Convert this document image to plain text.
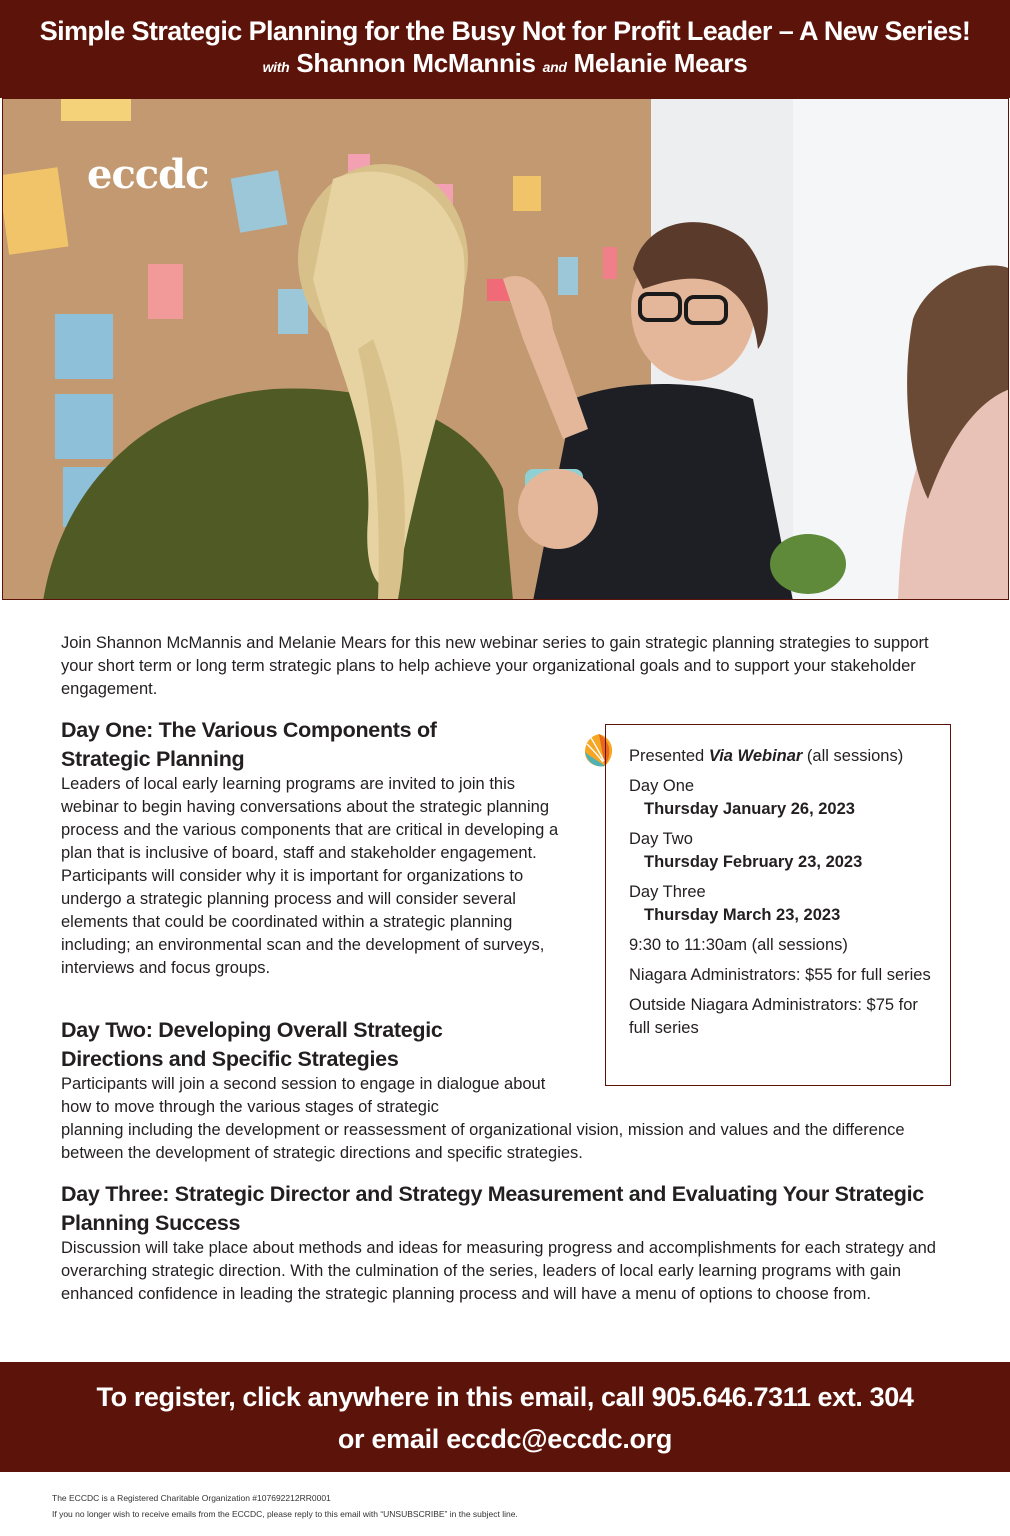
Simple Strategic Planning for the Busy Not for Profit Leader – A New Series!
with Shannon McMannis and Melanie Mears
eccdc
Join Shannon McMannis and Melanie Mears for this new webinar series to gain strategic planning strategies to support your short term or long term strategic plans to help achieve your organizational goals and to support your stakeholder engagement.
Day One: The Various Components of Strategic Planning
Leaders of local early learning programs are invited to join this webinar to begin having conversations about the strategic planning process and the various components that are critical in developing a plan that is inclusive of board, staff and stakeholder engagement. Participants will consider why it is important for organizations to undergo a strategic planning process and will consider several elements that could be coordinated within a strategic planning including; an environmental scan and the development of surveys, interviews and focus groups.
Day Two: Developing Overall Strategic Directions and Specific Strategies
Participants will join a second session to engage in dialogue about how to move through the various stages of strategic
planning including the development or reassessment of organizational vision, mission and values and the difference between the development of strategic directions and specific strategies.
Day Three: Strategic Director and Strategy Measurement and Evaluating Your Strategic Planning Success
Discussion will take place about methods and ideas for measuring progress and accomplishments for each strategy and overarching strategic direction. With the culmination of the series, leaders of local early learning programs with gain enhanced confidence in leading the strategic planning process and will have a menu of options to choose from.
Presented Via Webinar (all sessions)
Day One
Thursday January 26, 2023
Day Two
Thursday February 23, 2023
Day Three
Thursday March 23, 2023
9:30 to 11:30am (all sessions)
Niagara Administrators: $55 for full series
Outside Niagara Administrators: $75 for full series
To register, click anywhere in this email, call 905.646.7311 ext. 304
or email eccdc@eccdc.org
The ECCDC is a Registered Charitable Organization #107692212RR0001
If you no longer wish to receive emails from the ECCDC, please reply to this email with “UNSUBSCRIBE” in the subject line.
